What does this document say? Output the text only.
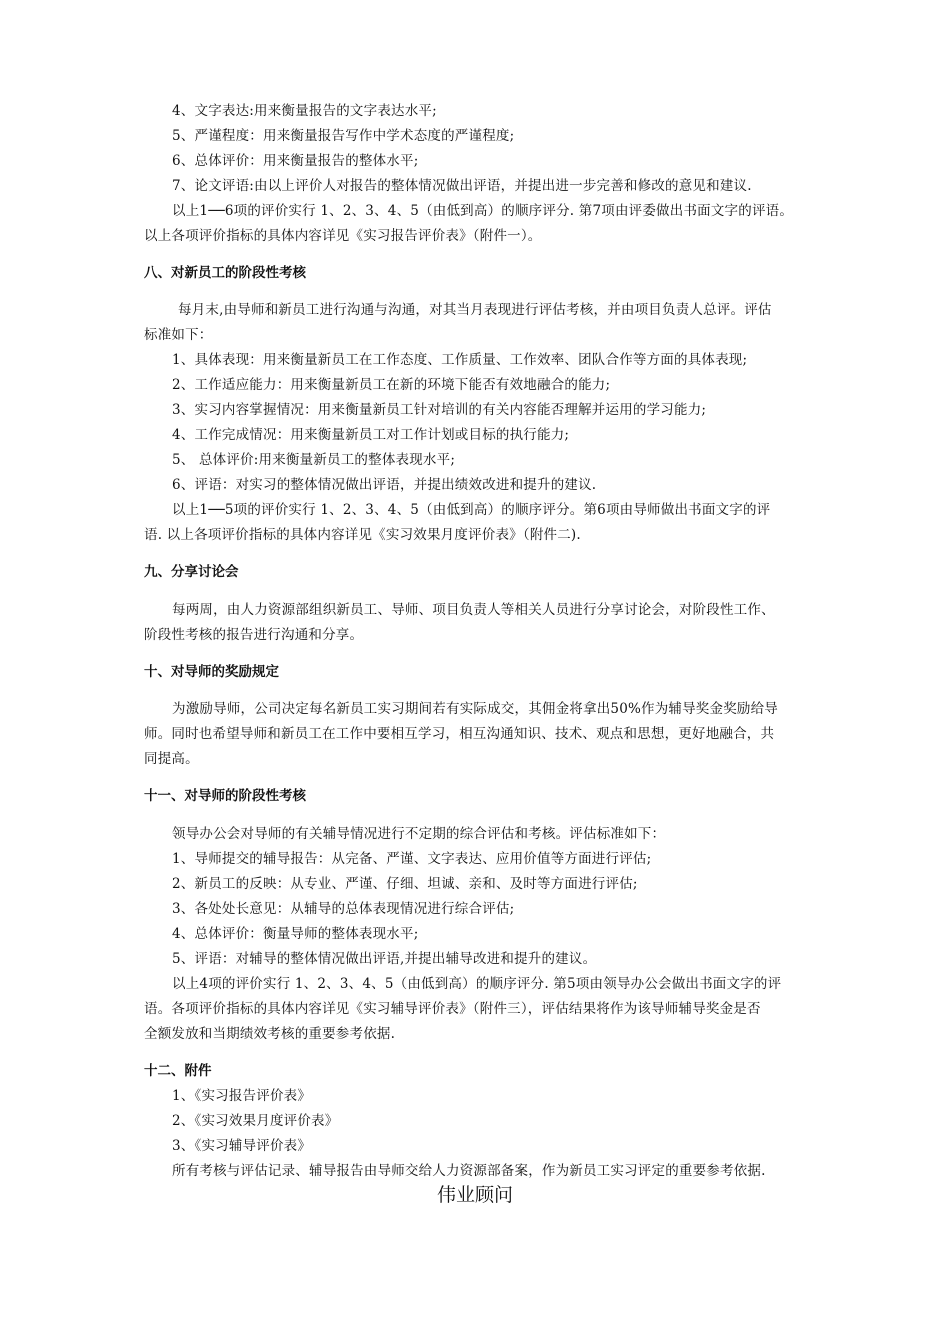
4、文字表达:用来衡量报告的文字表达水平;
5、严谨程度：用来衡量报告写作中学术态度的严谨程度;
6、总体评价：用来衡量报告的整体水平;
7、论文评语:由以上评价人对报告的整体情况做出评语，并提出进一步完善和修改的意见和建议.
以上1──6项的评价实行 1、2、3、4、5（由低到高）的顺序评分. 第7项由评委做出书面文字的评语。
以上各项评价指标的具体内容详见《实习报告评价表》（附件一）。
八、对新员工的阶段性考核
每月末,由导师和新员工进行沟通与沟通，对其当月表现进行评估考核，并由项目负责人总评。评估
标准如下：
1、具体表现：用来衡量新员工在工作态度、工作质量、工作效率、团队合作等方面的具体表现;
2、工作适应能力：用来衡量新员工在新的环境下能否有效地融合的能力;
3、实习内容掌握情况：用来衡量新员工针对培训的有关内容能否理解并运用的学习能力;
4、工作完成情况：用来衡量新员工对工作计划或目标的执行能力;
5、 总体评价:用来衡量新员工的整体表现水平;
6、评语：对实习的整体情况做出评语，并提出绩效改进和提升的建议.
以上1──5项的评价实行 1、2、3、4、5（由低到高）的顺序评分。第6项由导师做出书面文字的评
语. 以上各项评价指标的具体内容详见《实习效果月度评价表》（附件二).
九、分享讨论会
每两周，由人力资源部组织新员工、导师、项目负责人等相关人员进行分享讨论会，对阶段性工作、
阶段性考核的报告进行沟通和分享。
十、对导师的奖励规定
为激励导师，公司决定每名新员工实习期间若有实际成交，其佣金将拿出50%作为辅导奖金奖励给导
师。同时也希望导师和新员工在工作中要相互学习，相互沟通知识、技术、观点和思想，更好地融合，共
同提高。
十一、对导师的阶段性考核
领导办公会对导师的有关辅导情况进行不定期的综合评估和考核。评估标准如下：
1、导师提交的辅导报告：从完备、严谨、文字表达、应用价值等方面进行评估;
2、新员工的反映：从专业、严谨、仔细、坦诚、亲和、及时等方面进行评估;
3、各处处长意见：从辅导的总体表现情况进行综合评估;
4、总体评价：衡量导师的整体表现水平;
5、评语：对辅导的整体情况做出评语,并提出辅导改进和提升的建议。
以上4项的评价实行 1、2、3、4、5（由低到高）的顺序评分. 第5项由领导办公会做出书面文字的评
语。各项评价指标的具体内容详见《实习辅导评价表》（附件三），评估结果将作为该导师辅导奖金是否
全额发放和当期绩效考核的重要参考依据.
十二、附件
1、《实习报告评价表》
2、《实习效果月度评价表》
3、《实习辅导评价表》
所有考核与评估记录、辅导报告由导师交给人力资源部备案，作为新员工实习评定的重要参考依据.
伟业顾问
